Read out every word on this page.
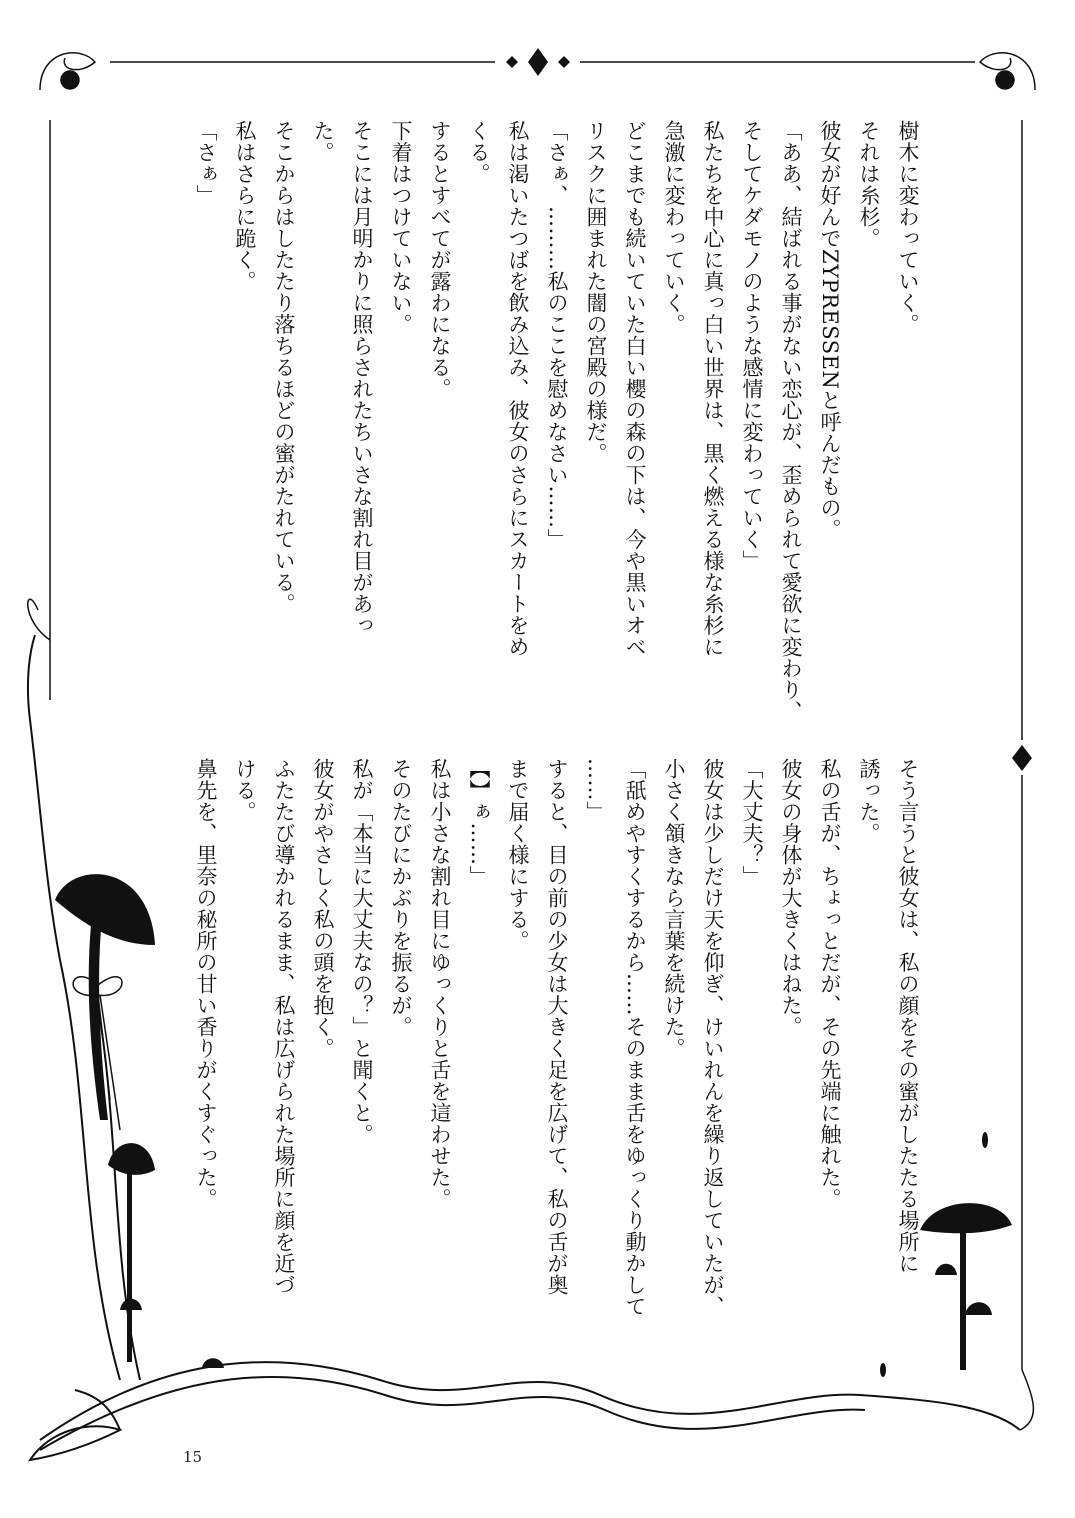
樹木に変わっていく。

それは糸杉。

彼女が好んでZYPRESSENと呼んだもの。

「ああ、結ばれる事がない恋心が、歪められて愛欲に変わり、

そしてケダモノのような感情に変わっていく」

私たちを中心に真っ白い世界は、黒く燃える様な糸杉に

急激に変わっていく。

どこまでも続いていた白い櫻の森の下は、今や黒いオベ

リスクに囲まれた闇の宮殿の様だ。

「さぁ、………私のここを慰めなさい……」

私は渇いたつばを飲み込み、彼女のさらにスカートをめ

くる。

するとすべてが露わになる。

下着はつけていない。

そこには月明かりに照らされたちいさな割れ目があっ

た。

そこからはしたたり落ちるほどの蜜がたれている。

私はさらに跪く。

「さぁ」

そう言うと彼女は、私の顔をその蜜がしたたる場所に

誘った。

私の舌が、ちょっとだが、その先端に触れた。

彼女の身体が大きくはねた。

「大丈夫？」

彼女は少しだけ天を仰ぎ、けいれんを繰り返していたが、

小さく頷きなら言葉を続けた。

「舐めやすくするから……そのまま舌をゆっくり動かして

……」

すると、目の前の少女は大きく足を広げて、私の舌が奥

まで届く様にする。

【】ぁ……」

私は小さな割れ目にゆっくりと舌を這わせた。

そのたびにかぶりを振るが。

私が「本当に大丈夫なの？」と聞くと。

彼女がやさしく私の頭を抱く。

ふたたび導かれるまま、私は広げられた場所に顔を近づ

ける。

鼻先を、里奈の秘所の甘い香りがくすぐった。

15
